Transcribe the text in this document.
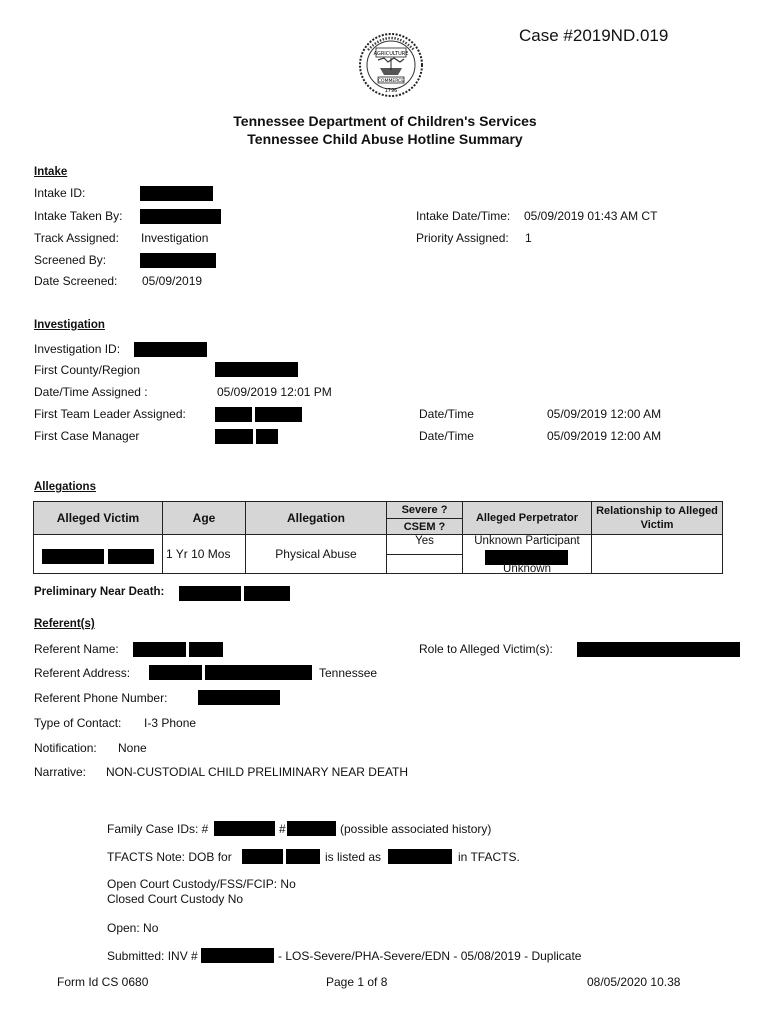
Case #2019ND.019
AGRICULTURE
COMMERCE
1796
Tennessee Department of Children's Services
Tennessee Child Abuse Hotline Summary
Intake
Intake ID:
Intake Taken By:	Intake Date/Time: 05/09/2019 01:43 AM CT
Track Assigned: Investigation	Priority Assigned: 1
Screened By:
Date Screened: 05/09/2019
Investigation
Investigation ID:
First County/Region
Date/Time Assigned :	05/09/2019 12:01 PM
First Team Leader Assigned:	Date/Time	05/09/2019 12:00 AM
First Case Manager	Date/Time	05/09/2019 12:00 AM
Allegations
Alleged Victim	Age	Allegation	Severe ?	Alleged Perpetrator	Relationship to Alleged Victim
			CSEM ?		

	1 Yr 10 Mos	Physical Abuse	Yes	Unknown Participant
Unknown	

Preliminary Near Death:
Referent(s)
Referent Name:	Role to Alleged Victim(s):
Referent Address:	Tennessee
Referent Phone Number:
Type of Contact: I-3 Phone
Notification: None
Narrative: NON-CUSTODIAL CHILD PRELIMINARY NEAR DEATH
Family Case IDs: #	#	(possible associated history)
TFACTS Note: DOB for	is listed as	in TFACTS.
Open Court Custody/FSS/FCIP: No
Closed Court Custody No
Open: No
Submitted: INV #	- LOS-Severe/PHA-Severe/EDN - 05/08/2019 - Duplicate
Form Id CS 0680	Page 1 of 8	08/05/2020 10.38
